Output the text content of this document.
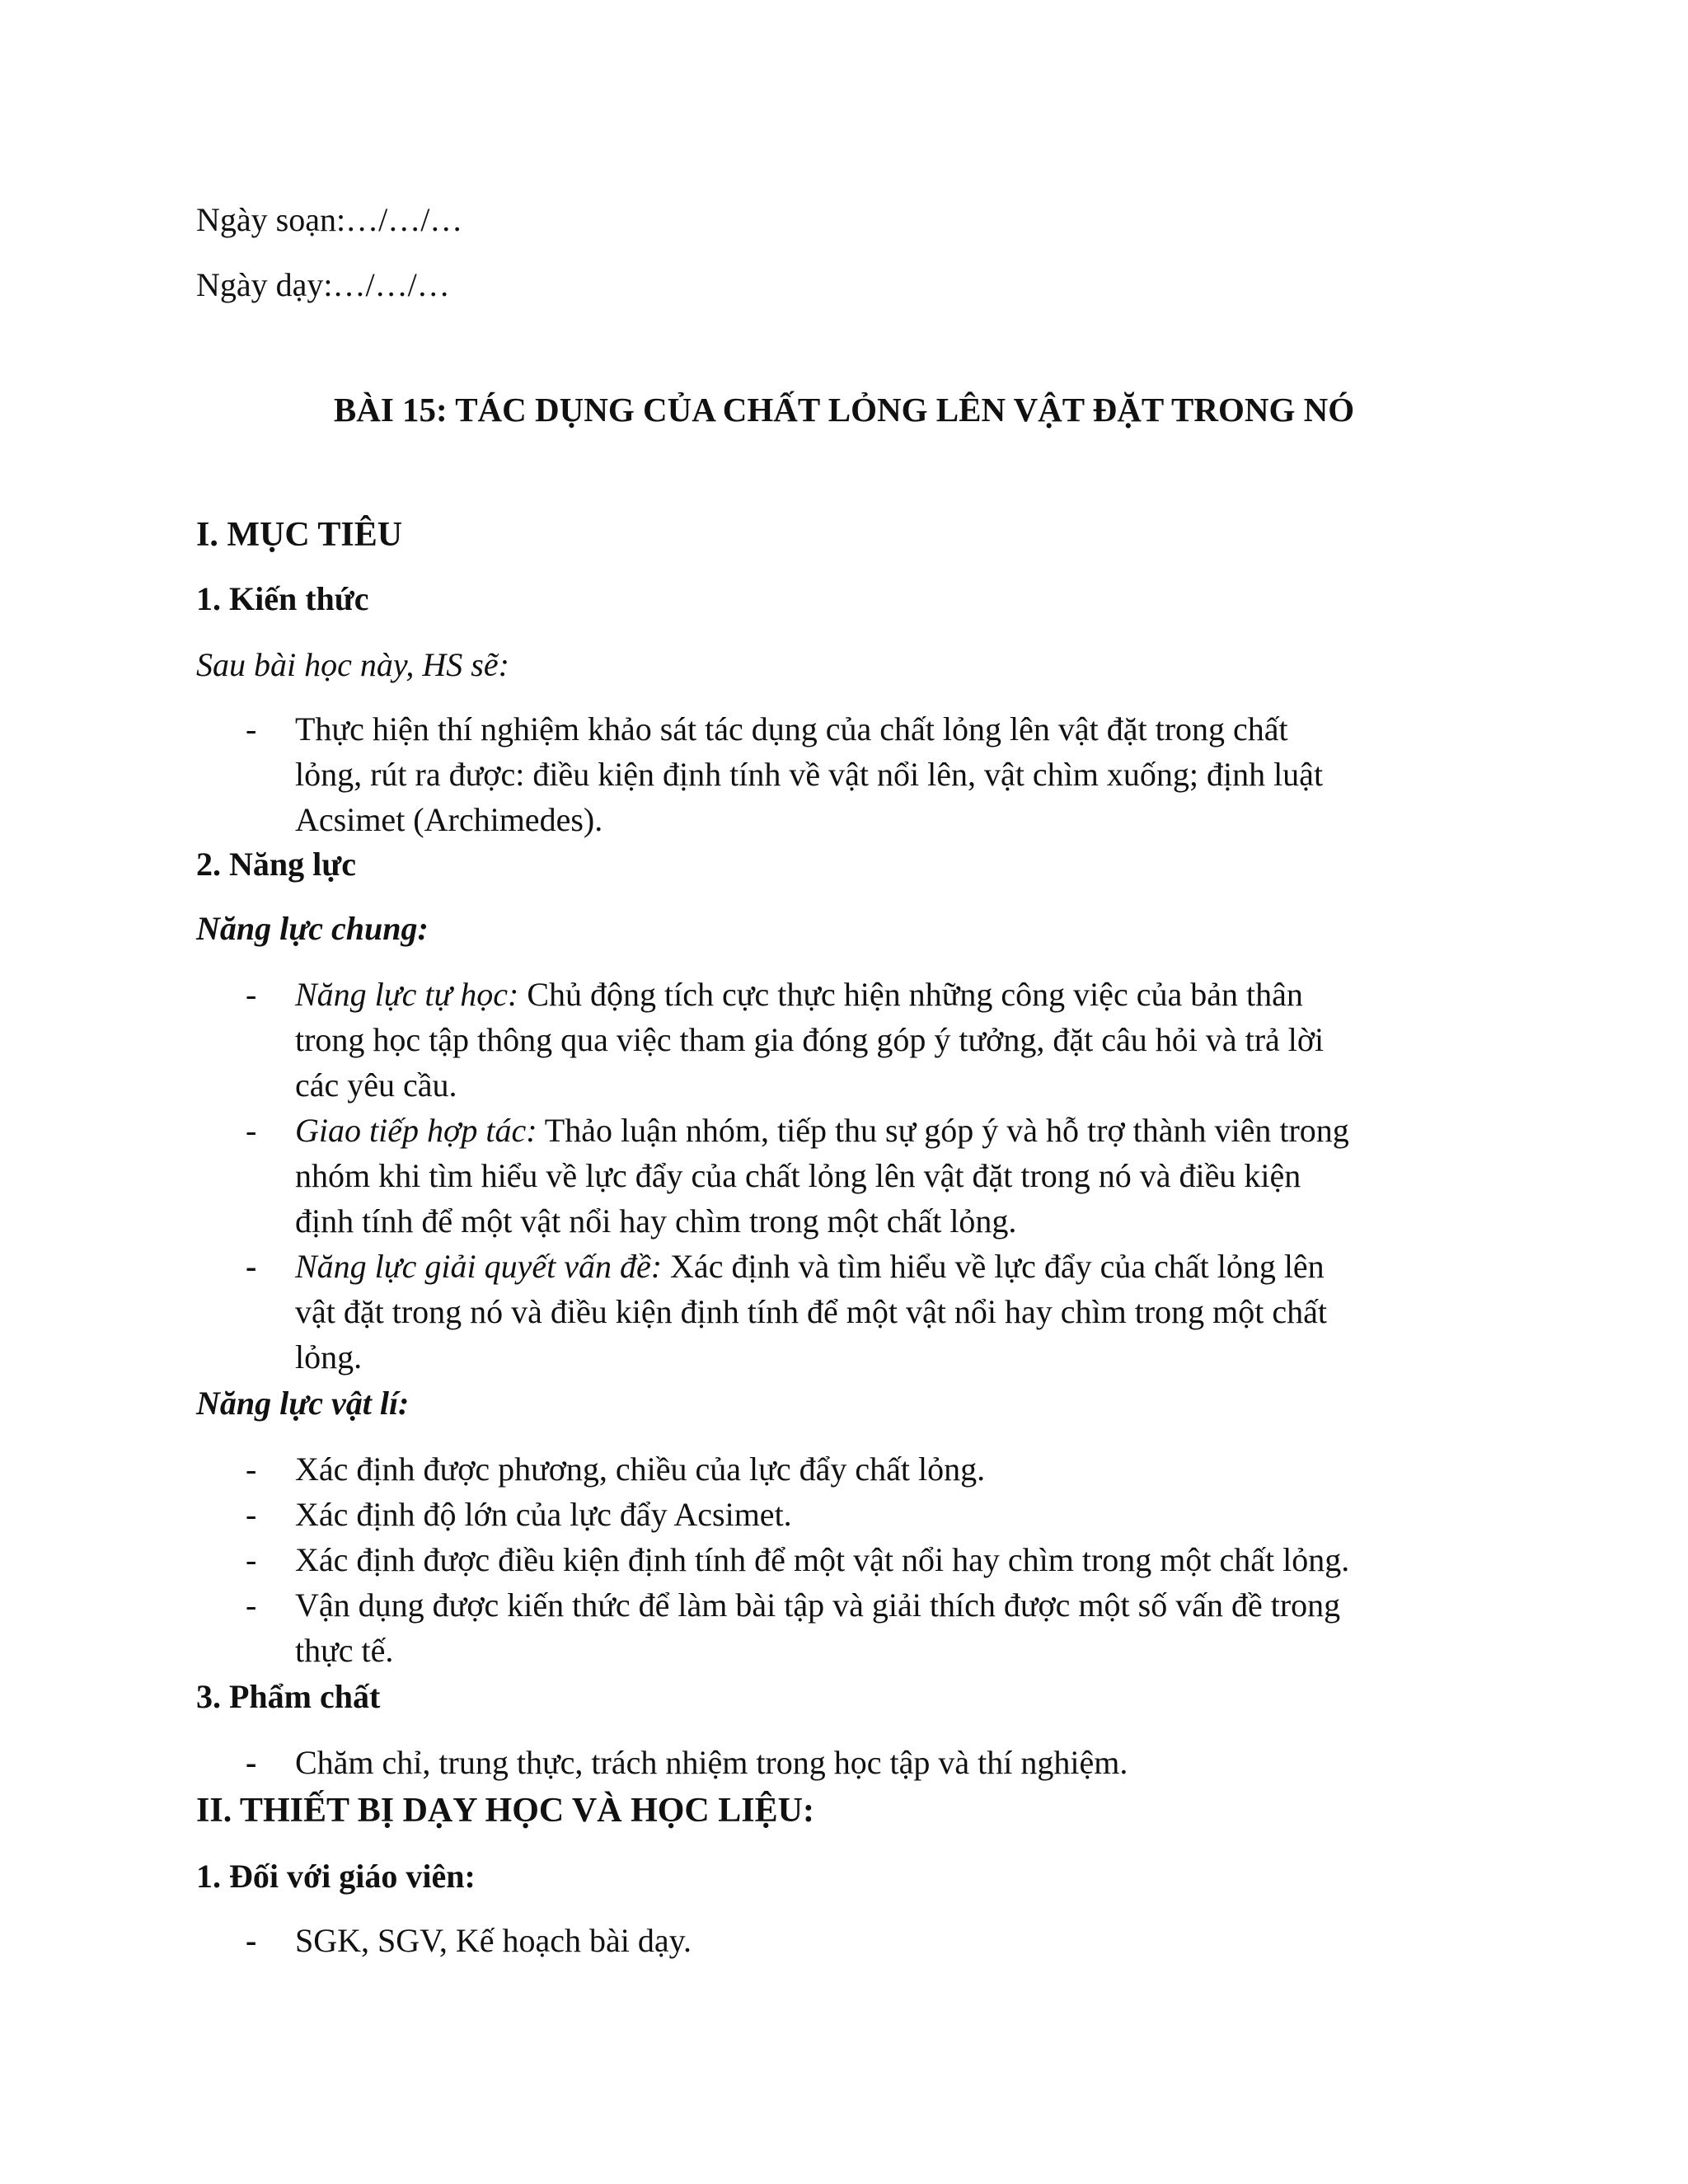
Ngày soạn:…/…/…

Ngày dạy:…/…/…

BÀI 15: TÁC DỤNG CỦA CHẤT LỎNG LÊN VẬT ĐẶT TRONG NÓ

I. MỤC TIÊU

1. Kiến thức

Sau bài học này, HS sẽ:

- Thực hiện thí nghiệm khảo sát tác dụng của chất lỏng lên vật đặt trong chất
lỏng, rút ra được: điều kiện định tính về vật nổi lên, vật chìm xuống; định luật
Acsimet (Archimedes).

2. Năng lực

Năng lực chung:

- Năng lực tự học: Chủ động tích cực thực hiện những công việc của bản thân
trong học tập thông qua việc tham gia đóng góp ý tưởng, đặt câu hỏi và trả lời
các yêu cầu.
- Giao tiếp hợp tác: Thảo luận nhóm, tiếp thu sự góp ý và hỗ trợ thành viên trong
nhóm khi tìm hiểu về lực đẩy của chất lỏng lên vật đặt trong nó và điều kiện
định tính để một vật nổi hay chìm trong một chất lỏng.
- Năng lực giải quyết vấn đề: Xác định và tìm hiểu về lực đẩy của chất lỏng lên
vật đặt trong nó và điều kiện định tính để một vật nổi hay chìm trong một chất
lỏng.

Năng lực vật lí:

- Xác định được phương, chiều của lực đẩy chất lỏng.
- Xác định độ lớn của lực đẩy Acsimet.
- Xác định được điều kiện định tính để một vật nổi hay chìm trong một chất lỏng.
- Vận dụng được kiến thức để làm bài tập và giải thích được một số vấn đề trong
thực tế.

3. Phẩm chất

- Chăm chỉ, trung thực, trách nhiệm trong học tập và thí nghiệm.

II. THIẾT BỊ DẠY HỌC VÀ HỌC LIỆU:

1. Đối với giáo viên:

- SGK, SGV, Kế hoạch bài dạy.
